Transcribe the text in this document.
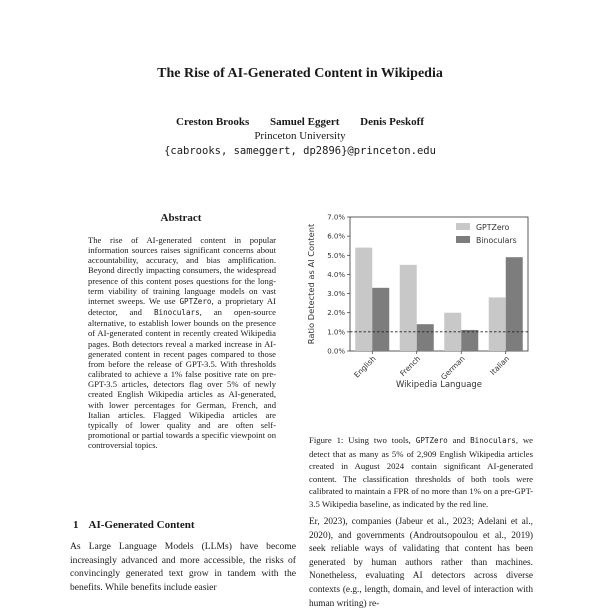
The Rise of AI-Generated Content in Wikipedia
Creston Brooks Samuel Eggert Denis Peskoff
Princeton University
{cabrooks, sameggert, dp2896}@princeton.edu
Abstract
The rise of AI-generated content in popular information sources raises significant concerns about accountability, accuracy, and bias amplification. Beyond directly impacting consumers, the widespread presence of this content poses questions for the long-term viability of training language models on vast internet sweeps. We use GPTZero, a proprietary AI detector, and Binoculars, an open-source alternative, to establish lower bounds on the presence of AI-generated content in recently created Wikipedia pages. Both detectors reveal a marked increase in AI-generated content in recent pages compared to those from before the release of GPT-3.5. With thresholds calibrated to achieve a 1% false positive rate on pre-GPT-3.5 articles, detectors flag over 5% of newly created English Wikipedia articles as AI-generated, with lower percentages for German, French, and Italian articles. Flagged Wikipedia articles are typically of lower quality and are often self-promotional or partial towards a specific viewpoint on controversial topics.
1 AI-Generated Content
As Large Language Models (LLMs) have become increasingly advanced and more accessible, the risks of convincingly generated text grow in tandem with the benefits. While benefits include easier
0.0%
1.0%
2.0%
3.0%
4.0%
5.0%
6.0%
7.0%
English	French German	Italian
GPTZero
Binoculars
Ratio Detected as AI Content
Wikipedia Language
Figure 1: Using two tools, GPTZero and Binoculars, we detect that as many as 5% of 2,909 English Wikipedia articles created in August 2024 contain significant AI-generated content. The classification thresholds of both tools were calibrated to maintain a FPR of no more than 1% on a pre-GPT-3.5 Wikipedia baseline, as indicated by the red line.
Er, 2023), companies (Jabeur et al., 2023; Adelani et al., 2020), and governments (Androutsopoulou et al., 2019) seek reliable ways of validating that content has been generated by human authors rather than machines. Nonetheless, evaluating AI detectors across diverse contexts (e.g., length, domain, and level of interaction with human writing) re-
